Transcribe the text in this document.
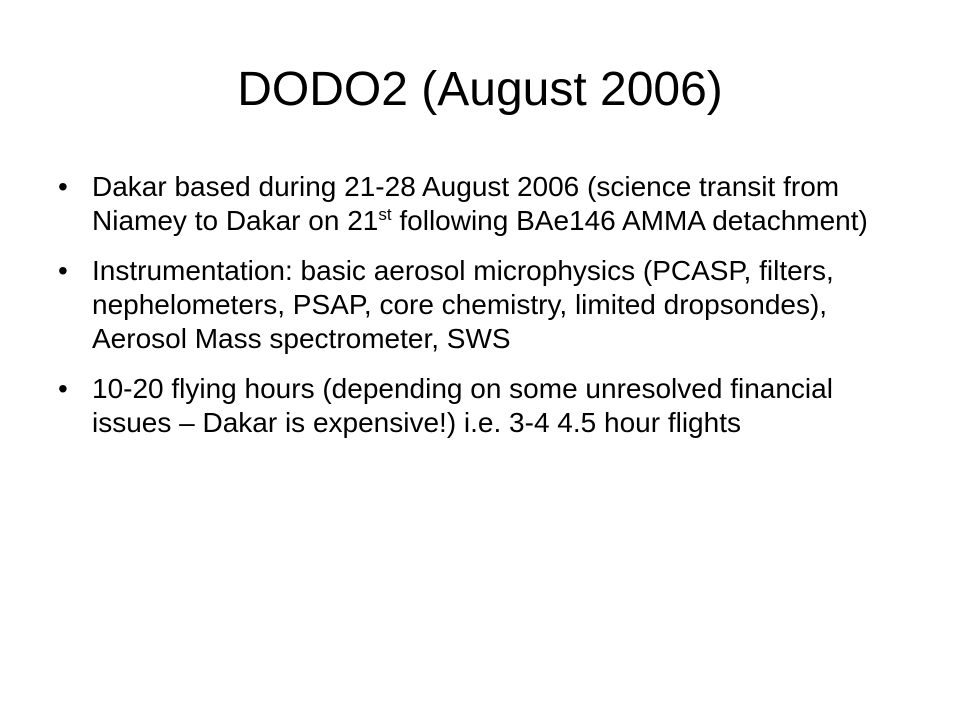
DODO2 (August 2006)
• Dakar based during 21-28 August 2006 (science transit from Niamey to Dakar on 21st following BAe146 AMMA detachment)
• Instrumentation: basic aerosol microphysics (PCASP, filters, nephelometers, PSAP, core chemistry, limited dropsondes), Aerosol Mass spectrometer, SWS
• 10-20 flying hours (depending on some unresolved financial issues – Dakar is expensive!) i.e. 3-4 4.5 hour flights
